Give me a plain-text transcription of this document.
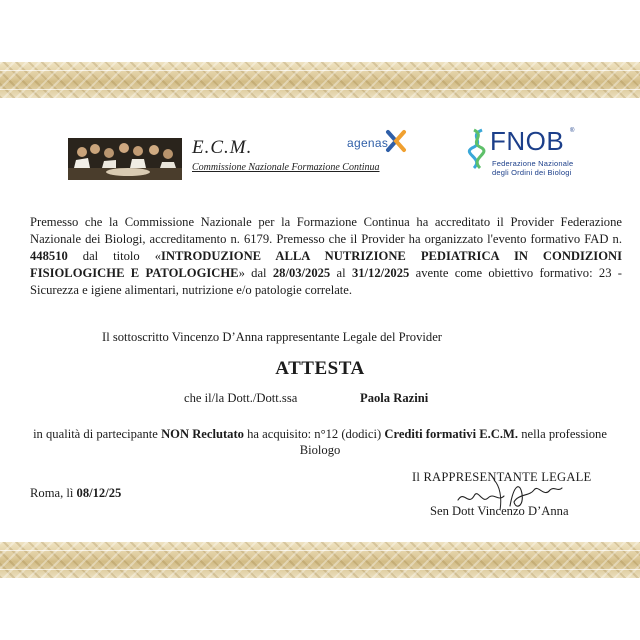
E.C.M.
Commissione Nazionale Formazione Continua
agenas.	FNOB ®
Federazione Nazionale
degli Ordini dei Biologi
Premesso che la Commissione Nazionale per la Formazione Continua ha accreditato il Provider Federazione Nazionale dei Biologi, accreditamento n. 6179. Premesso che il Provider ha organizzato l'evento formativo FAD n. 448510 dal titolo «INTRODUZIONE ALLA NUTRIZIONE PEDIATRICA IN CONDIZIONI FISIOLOGICHE E PATOLOGICHE» dal 28/03/2025 al 31/12/2025 avente come obiettivo formativo: 23 - Sicurezza e igiene alimentari, nutrizione e/o patologie correlate.
Il sottoscritto Vincenzo D’Anna rappresentante Legale del Provider
ATTESTA
che il/la Dott./Dott.ssa	Paola Razini
in qualità di partecipante NON Reclutato ha acquisito: n°12 (dodici) Crediti formativi E.C.M. nella professione Biologo
Roma, lì 08/12/25
Il RAPPRESENTANTE LEGALE
Sen Dott Vincenzo D’Anna
